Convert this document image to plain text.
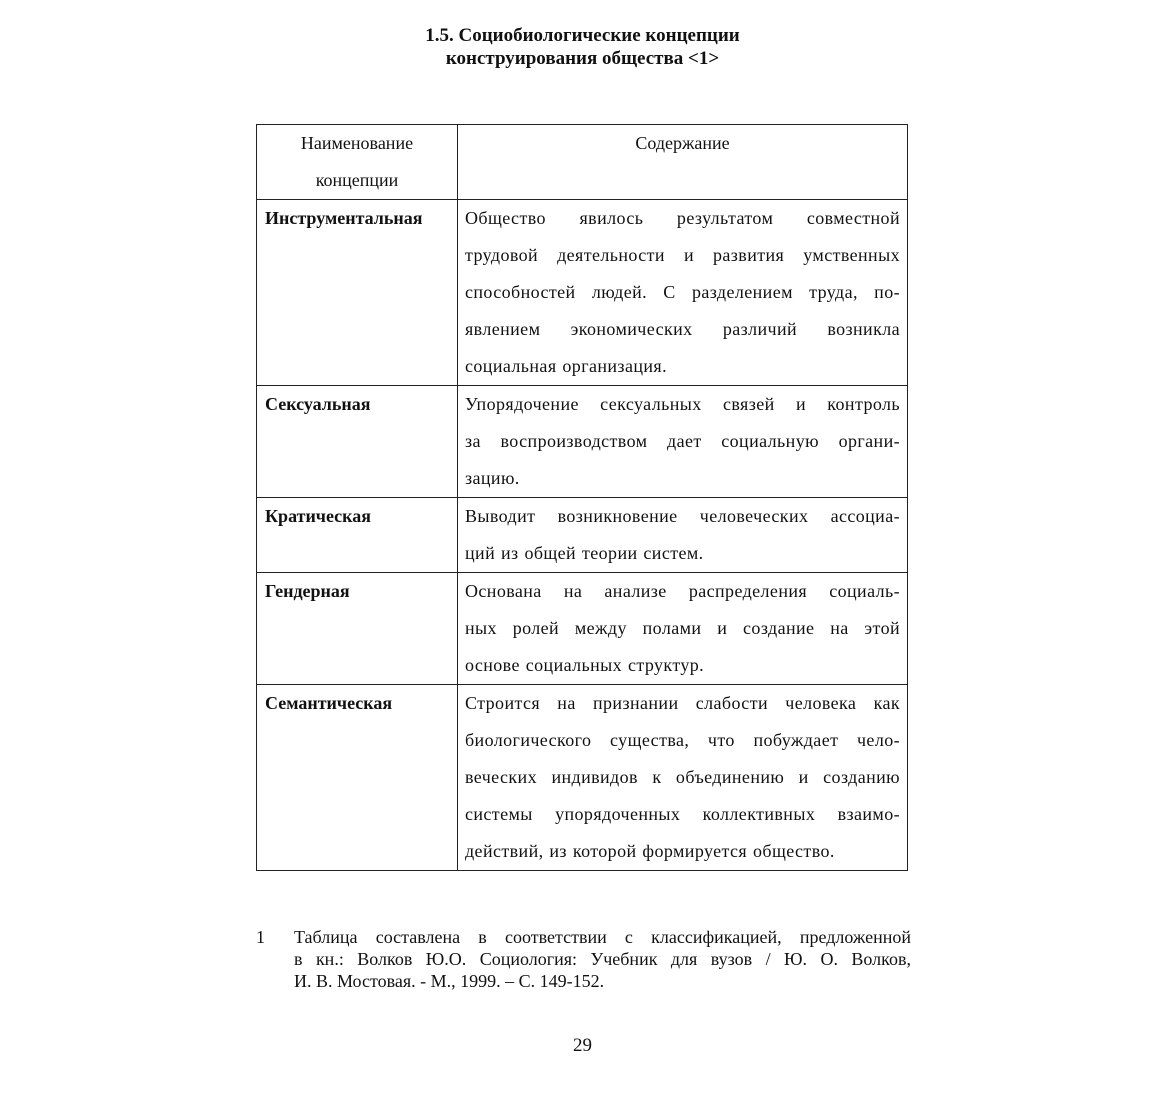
1.5. Социобиологические концепции
конструирования общества <1>
Наименование
концепции	Содержание
Инструментальная	Общество явилось результатом совместной
трудовой деятельности и развития умственных
способностей людей. С разделением труда, по-
явлением экономических различий возникла
социальная организация.

Сексуальная	Упорядочение сексуальных связей и контроль
за воспроизводством дает социальную органи-
зацию.

Кратическая	Выводит возникновение человеческих ассоциа-
ций из общей теории систем.

Гендерная	Основана на анализе распределения социаль-
ных ролей между полами и создание на этой
основе социальных структур.

Семантическая	Строится на признании слабости человека как
биологического существа, что побуждает чело-
веческих индивидов к объединению и созданию
системы упорядоченных коллективных взаимо-
действий, из которой формируется общество.
1 Таблица составлена в соответствии с классификацией, предложенной
в кн.: Волков Ю.О. Социология: Учебник для вузов / Ю. О. Волков,
И. В. Мостовая. - М., 1999. – С. 149-152.
29
